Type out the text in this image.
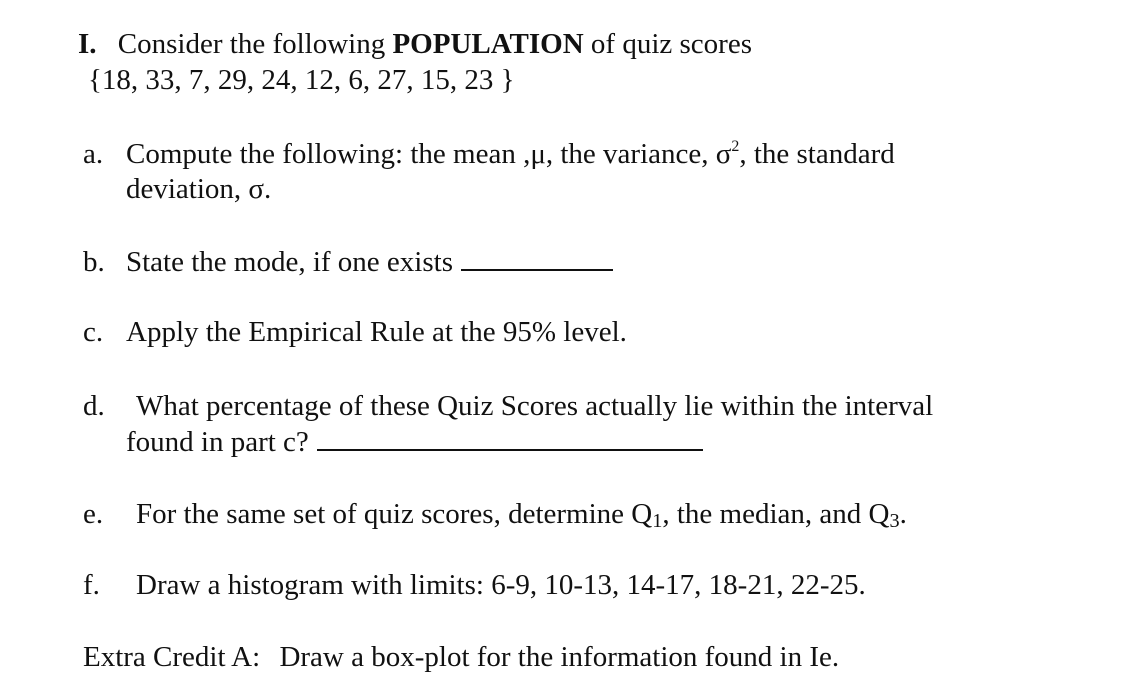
I. Consider the following POPULATION of quiz scores
{18, 33, 7, 29, 24, 12, 6, 27, 15, 23 }
a. Compute the following: the mean ,μ, the variance, $\sigma^2$, the standard
deviation, σ.
b. State the mode, if one exists
c. Apply the Empirical Rule at the 95% level.
d. What percentage of these Quiz Scores actually lie within the interval
found in part c?
e. For the same set of quiz scores, determine $Q_1$, the median, and $Q_3$.
f. Draw a histogram with limits: 6-9, 10-13, 14-17, 18-21, 22-25.
Extra Credit A: Draw a box-plot for the information found in Ie.
